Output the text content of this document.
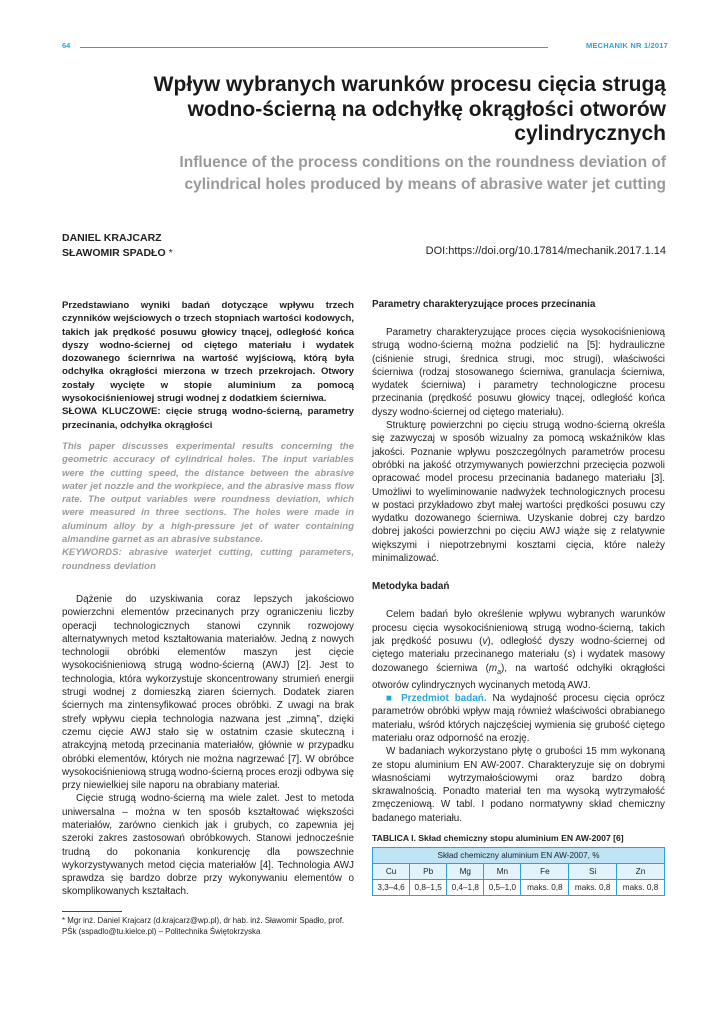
64	MECHANIK NR 1/2017
Wpływ wybranych warunków procesu cięcia strugą wodno-ścierną na odchyłkę okrągłości otworów cylindrycznych
Influence of the process conditions on the roundness deviation of cylindrical holes produced by means of abrasive water jet cutting
DANIEL KRAJCARZ
SŁAWOMIR SPADŁO *	DOI:https://doi.org/10.17814/mechanik.2017.1.14

Przedstawiano wyniki badań dotyczące wpływu trzech czynników wejściowych o trzech stopniach wartości kodowych, takich jak prędkość posuwu głowicy tnącej, odległość końca dyszy wodno-ściernej od ciętego materiału i wydatek dozowanego ściernriwa na wartość wyjściową, którą była odchyłka okrągłości mierzona w trzech przekrojach. Otwory zostały wycięte w stopie aluminium za pomocą wysokociśnieniowej strugi wodnej z dodatkiem ścierniwa.
SŁOWA KLUCZOWE: cięcie strugą wodno-ścierną, parametry przecinania, odchyłka okrągłości

This paper discusses experimental results concerning the geometric accuracy of cylindrical holes. The input variables were the cutting speed, the distance between the abrasive water jet nozzle and the workpiece, and the abrasive mass flow rate. The output variables were roundness deviation, which were measured in three sections. The holes were made in aluminum alloy by a high-pressure jet of water containing almandine garnet as an abrasive substance.
KEYWORDS: abrasive waterjet cutting, cutting parameters, roundness deviation

Dążenie do uzyskiwania coraz lepszych jakościowo powierzchni elementów przecinanych przy ograniczeniu liczby operacji technologicznych stanowi czynnik rozwojowy alternatywnych metod kształtowania materiałów. Jedną z nowych technologii obróbki elementów maszyn jest cięcie wysokociśnieniową strugą wodno-ścierną (AWJ) [2]. Jest to technologia, która wykorzystuje skoncentrowany strumień energii strugi wodnej z domieszką ziaren ściernych. Dodatek ziaren ściernych ma zintensyfikować proces obróbki. Z uwagi na brak strefy wpływu ciepła technologia nazwana jest „zimną”, dzięki czemu cięcie AWJ stało się w ostatnim czasie skuteczną i atrakcyjną metodą przecinania materiałów, głównie w przypadku obróbki elementów, których nie można nagrzewać [7]. W obróbce wysokociśnieniową strugą wodno-ścierną proces erozji odbywa się przy niewielkiej sile naporu na obrabiany materiał.

Cięcie strugą wodno-ścierną ma wiele zalet. Jest to metoda uniwersalna – można w ten sposób kształtować większości materiałów, zarówno cienkich jak i grubych, co zapewnia jej szeroki zakres zastosowań obróbkowych. Stanowi jednocześnie trudną do pokonania konkurencję dla powszechnie wykorzystywanych metod cięcia materiałów [4]. Technologia AWJ sprawdza się bardzo dobrze przy wykonywaniu elementów o skomplikowanych kształtach.

* Mgr inż. Daniel Krajcarz (d.krajcarz@wp.pl), dr hab. inż. Sławomir Spadło, prof. PŚk (sspadlo@tu.kielce.pl) – Politechnika Świętokrzyska

Parametry charakteryzujące proces przecinania

Parametry charakteryzujące proces cięcia wysokociśnieniową strugą wodno-ścierną można podzielić na [5]: hydrauliczne (ciśnienie strugi, średnica strugi, moc strugi), właściwości ścierniwa (rodzaj stosowanego ścierniwa, granulacja ścierniwa, wydatek ścierniwa) i parametry technologiczne procesu przecinania (prędkość posuwu głowicy tnącej, odległość końca dyszy wodno-ściernej od ciętego materiału).

Strukturę powierzchni po cięciu strugą wodno-ścierną określa się zazwyczaj w sposób wizualny za pomocą wskaźników klas jakości. Poznanie wpływu poszczególnych parametrów procesu obróbki na jakość otrzymywanych powierzchni przecięcia pozwoli opracować model procesu przecinania badanego materiału [3]. Umożliwi to wyeliminowanie nadwyżek technologicznych procesu w postaci przykładowo zbyt małej wartości prędkości posuwu czy wydatku dozowanego ścierniwa. Uzyskanie dobrej czy bardzo dobrej jakości powierzchni po cięciu AWJ wiąże się z relatywnie większymi i niepotrzebnymi kosztami cięcia, które należy minimalizować.

Metodyka badań

Celem badań było określenie wpływu wybranych warunków procesu cięcia wysokociśnieniową strugą wodno-ścierną, takich jak prędkość posuwu (v), odległość dyszy wodno-ściernej od ciętego materiału przecinanego materiału (s) i wydatek masowy dozowanego ścierniwa $(m_a)$, na wartość odchyłki okrągłości otworów cylindrycznych wycinanych metodą AWJ.

■ Przedmiot badań. Na wydajność procesu cięcia oprócz parametrów obróbki wpływ mają również właściwości obrabianego materiału, wśród których najczęściej wymienia się grubość ciętego materiału oraz odporność na erozję.

W badaniach wykorzystano płytę o grubości 15 mm wykonaną ze stopu aluminium EN AW-2007. Charakteryzuje się on dobrymi własnościami wytrzymałościowymi oraz bardzo dobrą skrawalnością. Ponadto materiał ten ma wysoką wytrzymałość zmęczeniową. W tabl. I podano normatywny skład chemiczny badanego materiału.

TABLICA I. Skład chemiczny stopu aluminium EN AW-2007 [6]

Skład chemiczny aluminium EN AW-2007, %						
Cu	Pb	Mg	Mn	Fe	Si	Zn
3,3–4,6	0,8–1,5	0,4–1,8	0,5–1,0	maks. 0,8	maks. 0,8	maks. 0,8
